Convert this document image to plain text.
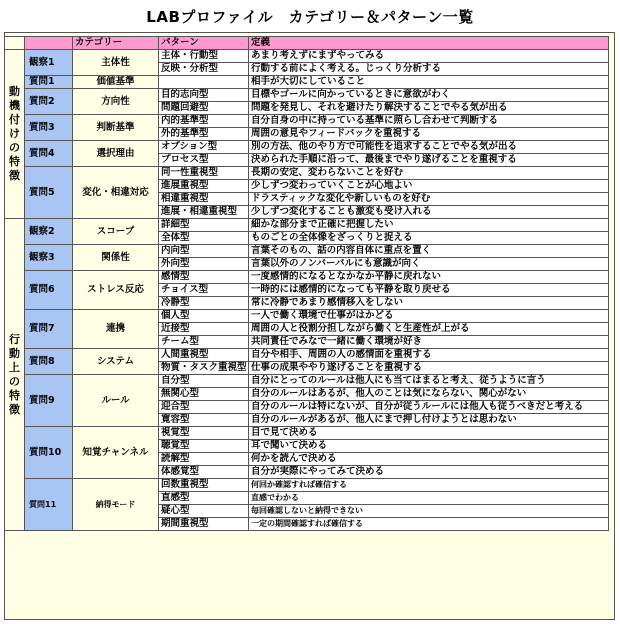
LABプロファイル　カテゴリー＆パターン一覧
		カテゴリー	パターン	定義
動機付けの特徴	観察1	主体性	主体・行動型	あまり考えずにまずやってみる
			反映・分析型	行動する前によく考える。じっくり分析する
	質問1	価値基準		相手が大切にしていること
	質問2	方向性	目的志向型	目標やゴールに向かっているときに意欲がわく
			問題回避型	問題を発見し、それを避けたり解決することでやる気が出る
	質問3	判断基準	内的基準型	自分自身の中に持っている基準に照らし合わせて判断する
			外的基準型	周囲の意見やフィードバックを重視する
	質問4	選択理由	オプション型	別の方法、他のやり方で可能性を追求することでやる気が出る
			プロセス型	決められた手順に沿って、最後までやり遂げることを重視する
	質問5	変化・相違対応	同一性重視型	長期の安定、変わらないことを好む
			進展重視型	少しずつ変わっていくことが心地よい
			相違重視型	ドラスティックな変化や新しいものを好む
			進展・相違重視型	少しずつ変化することも激変も受け入れる
行動上の特徴	観察2	スコープ	詳細型	細かな部分まで正確に把握したい
			全体型	ものごとの全体像をざっくりと捉える
	観察3	関係性	内向型	言葉そのもの、話の内容自体に重点を置く
			外向型	言葉以外のノンバーバルにも意識が向く
	質問6	ストレス反応	感情型	一度感情的になるとなかなか平静に戻れない
			チョイス型	一時的には感情的になっても平静を取り戻せる
			冷静型	常に冷静であまり感情移入をしない
	質問7	連携	個人型	一人で働く環境で仕事がはかどる
			近接型	周囲の人と役割分担しながら働くと生産性が上がる
			チーム型	共同責任でみなで一緒に働く環境が好き
	質問8	システム	人間重視型	自分や相手、周囲の人の感情面を重視する
			物質・タスク重視型	仕事の成果ややり遂げることを重視する
	質問9	ルール	自分型	自分にとってのルールは他人にも当てはまると考え、従うように言う
			無関心型	自分のルールはあるが、他人のことは気にならない、関心がない
			迎合型	自分のルールは特にないが、自分が従うルールには他人も従うべきだと考える
			寛容型	自分のルールがあるが、他人にまで押し付けようとは思わない
	質問10	知覚チャンネル	視覚型	目で見て決める
			聴覚型	耳で聞いて決める
			読解型	何かを読んで決める
			体感覚型	自分が実際にやってみて決める
	質問11	納得モード	回数重視型	何回か確認すれば確信する
			直感型	直感でわかる
			疑心型	毎回確認しないと納得できない
			期間重視型	一定の期間確認すれば確信する
